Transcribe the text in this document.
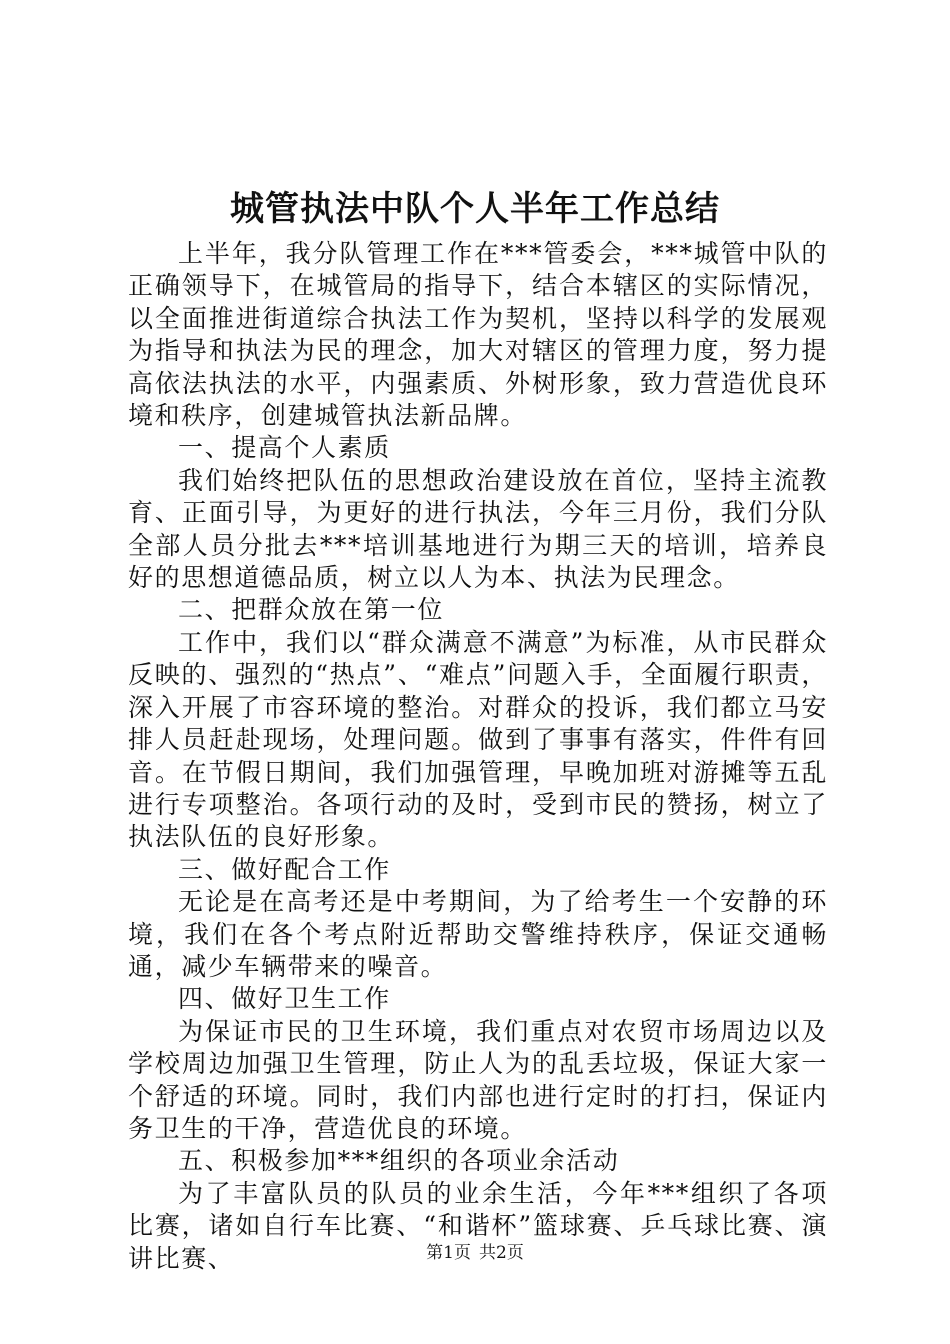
城管执法中队个人半年工作总结

上半年，我分队管理工作在***管委会，***城管中队的正确领导下，在城管局的指导下，结合本辖区的实际情况，以全面推进街道综合执法工作为契机，坚持以科学的发展观为指导和执法为民的理念，加大对辖区的管理力度，努力提高依法执法的水平，内强素质、外树形象，致力营造优良环境和秩序，创建城管执法新品牌。

一、提高个人素质

我们始终把队伍的思想政治建设放在首位，坚持主流教育、正面引导，为更好的进行执法，今年三月份，我们分队全部人员分批去***培训基地进行为期三天的培训，培养良好的思想道德品质，树立以人为本、执法为民理念。

二、把群众放在第一位

工作中，我们以“群众满意不满意”为标准，从市民群众反映的、强烈的“热点”、“难点”问题入手，全面履行职责，深入开展了市容环境的整治。对群众的投诉，我们都立马安排人员赶赴现场，处理问题。做到了事事有落实，件件有回音。在节假日期间，我们加强管理，早晚加班对游摊等五乱进行专项整治。各项行动的及时，受到市民的赞扬，树立了执法队伍的良好形象。

三、做好配合工作

无论是在高考还是中考期间，为了给考生一个安静的环境，我们在各个考点附近帮助交警维持秩序，保证交通畅通，减少车辆带来的噪音。

四、做好卫生工作

为保证市民的卫生环境，我们重点对农贸市场周边以及学校周边加强卫生管理，防止人为的乱丢垃圾，保证大家一个舒适的环境。同时，我们内部也进行定时的打扫，保证内务卫生的干净，营造优良的环境。

五、积极参加***组织的各项业余活动

为了丰富队员的队员的业余生活，今年***组织了各项比赛，诸如自行车比赛、“和谐杯”篮球赛、乒乓球比赛、演讲比赛、	第1页 共2页
